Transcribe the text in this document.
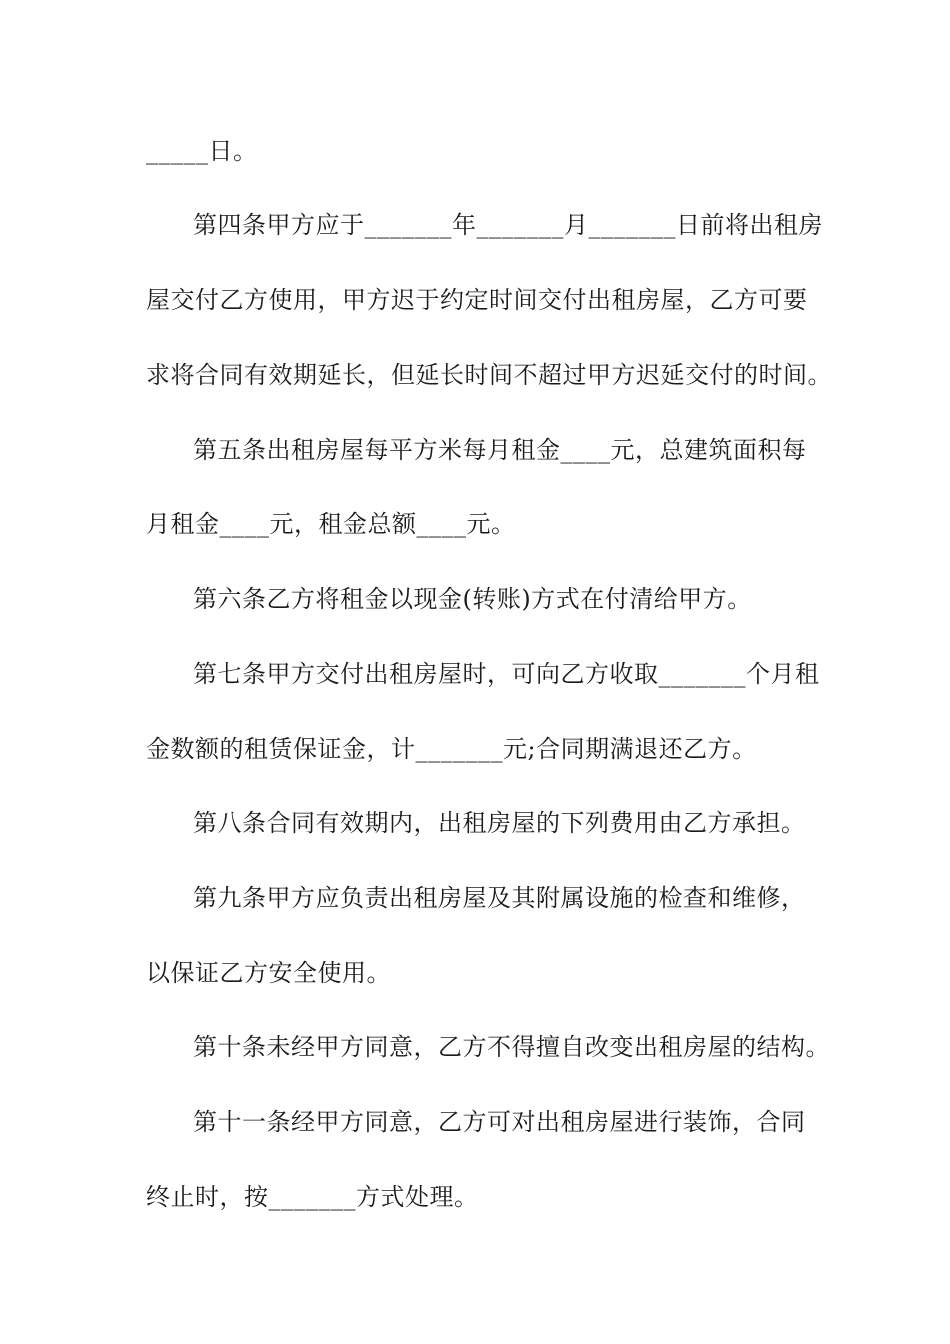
_____日。
第四条甲方应于_______年_______月_______日前将出租房
屋交付乙方使用，甲方迟于约定时间交付出租房屋，乙方可要
求将合同有效期延长，但延长时间不超过甲方迟延交付的时间。
第五条出租房屋每平方米每月租金____元，总建筑面积每
月租金____元，租金总额____元。
第六条乙方将租金以现金(转账)方式在付清给甲方。
第七条甲方交付出租房屋时，可向乙方收取_______个月租
金数额的租赁保证金，计_______元;合同期满退还乙方。
第八条合同有效期内，出租房屋的下列费用由乙方承担。
第九条甲方应负责出租房屋及其附属设施的检查和维修，
以保证乙方安全使用。
第十条未经甲方同意，乙方不得擅自改变出租房屋的结构。
第十一条经甲方同意，乙方可对出租房屋进行装饰，合同
终止时，按_______方式处理。
